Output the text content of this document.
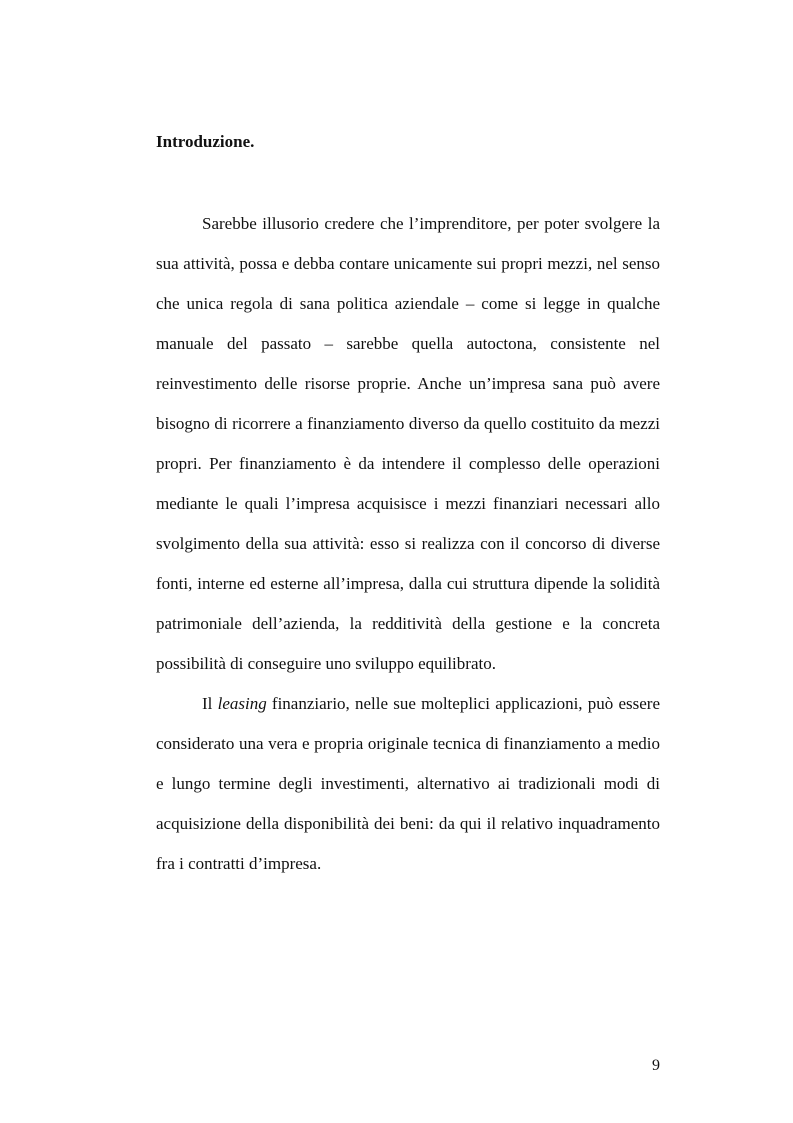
Introduzione.

Sarebbe illusorio credere che l’imprenditore, per poter svolgere la sua attività, possa e debba contare unicamente sui propri mezzi, nel senso che unica regola di sana politica aziendale – come si legge in qualche manuale del passato – sarebbe quella autoctona, consistente nel reinvestimento delle risorse proprie. Anche un’impresa sana può avere bisogno di ricorrere a finanziamento diverso da quello costituito da mezzi propri. Per finanziamento è da intendere il complesso delle operazioni mediante le quali l’impresa acquisisce i mezzi finanziari necessari allo svolgimento della sua attività: esso si realizza con il concorso di diverse fonti, interne ed esterne all’impresa, dalla cui struttura dipende la solidità patrimoniale dell’azienda, la redditività della gestione e la concreta possibilità di conseguire uno sviluppo equilibrato.

Il leasing finanziario, nelle sue molteplici applicazioni, può essere considerato una vera e propria originale tecnica di finanziamento a medio e lungo termine degli investimenti, alternativo ai tradizionali modi di acquisizione della disponibilità dei beni: da qui il relativo inquadramento fra i contratti d’impresa.

9
